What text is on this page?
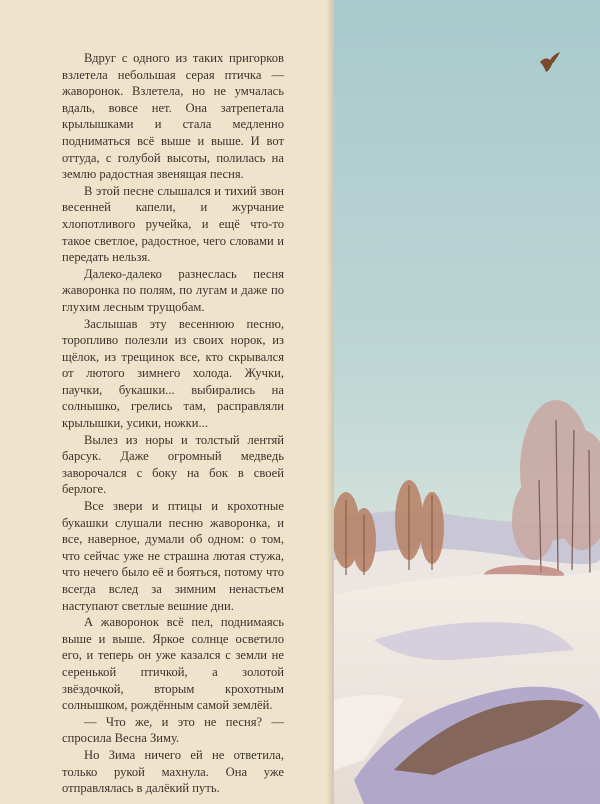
Вдруг с одного из таких пригорков взлетела небольшая серая птичка — жаворонок. Взлетела, но не умчалась вдаль, вовсе нет. Она затрепетала крылышками и стала медленно подниматься всё выше и выше. И вот оттуда, с голубой высоты, полилась на землю радостная звенящая песня.

В этой песне слышался и тихий звон весенней капели, и журчание хлопотливого ручейка, и ещё что-то такое светлое, радостное, чего словами и передать нельзя.

Далеко-далеко разнеслась песня жаворонка по полям, по лугам и даже по глухим лесным трущобам.

Заслышав эту весеннюю песню, торопливо полезли из своих норок, из щёлок, из трещинок все, кто скрывался от лютого зимнего холода. Жучки, паучки, букашки... выбирались на солнышко, грелись там, расправляли крылышки, усики, ножки...

Вылез из норы и толстый лентяй барсук. Даже огромный медведь заворочался с боку на бок в своей берлоге.

Все звери и птицы и крохотные букашки слушали песню жаворонка, и все, наверное, думали об одном: о том, что сейчас уже не страшна лютая стужа, что нечего было её и бояться, потому что всегда вслед за зимним ненастьем наступают светлые вешние дни.

А жаворонок всё пел, поднимаясь выше и выше. Яркое солнце осветило его, и теперь он уже казался с земли не серенькой птичкой, а золотой звёздочкой, вторым крохотным солнышком, рождённым самой землёй.

— Что же, и это не песня? — спросила Весна Зиму.

Но Зима ничего ей не ответила, только рукой махнула. Она уже отправлялась в далёкий путь.
